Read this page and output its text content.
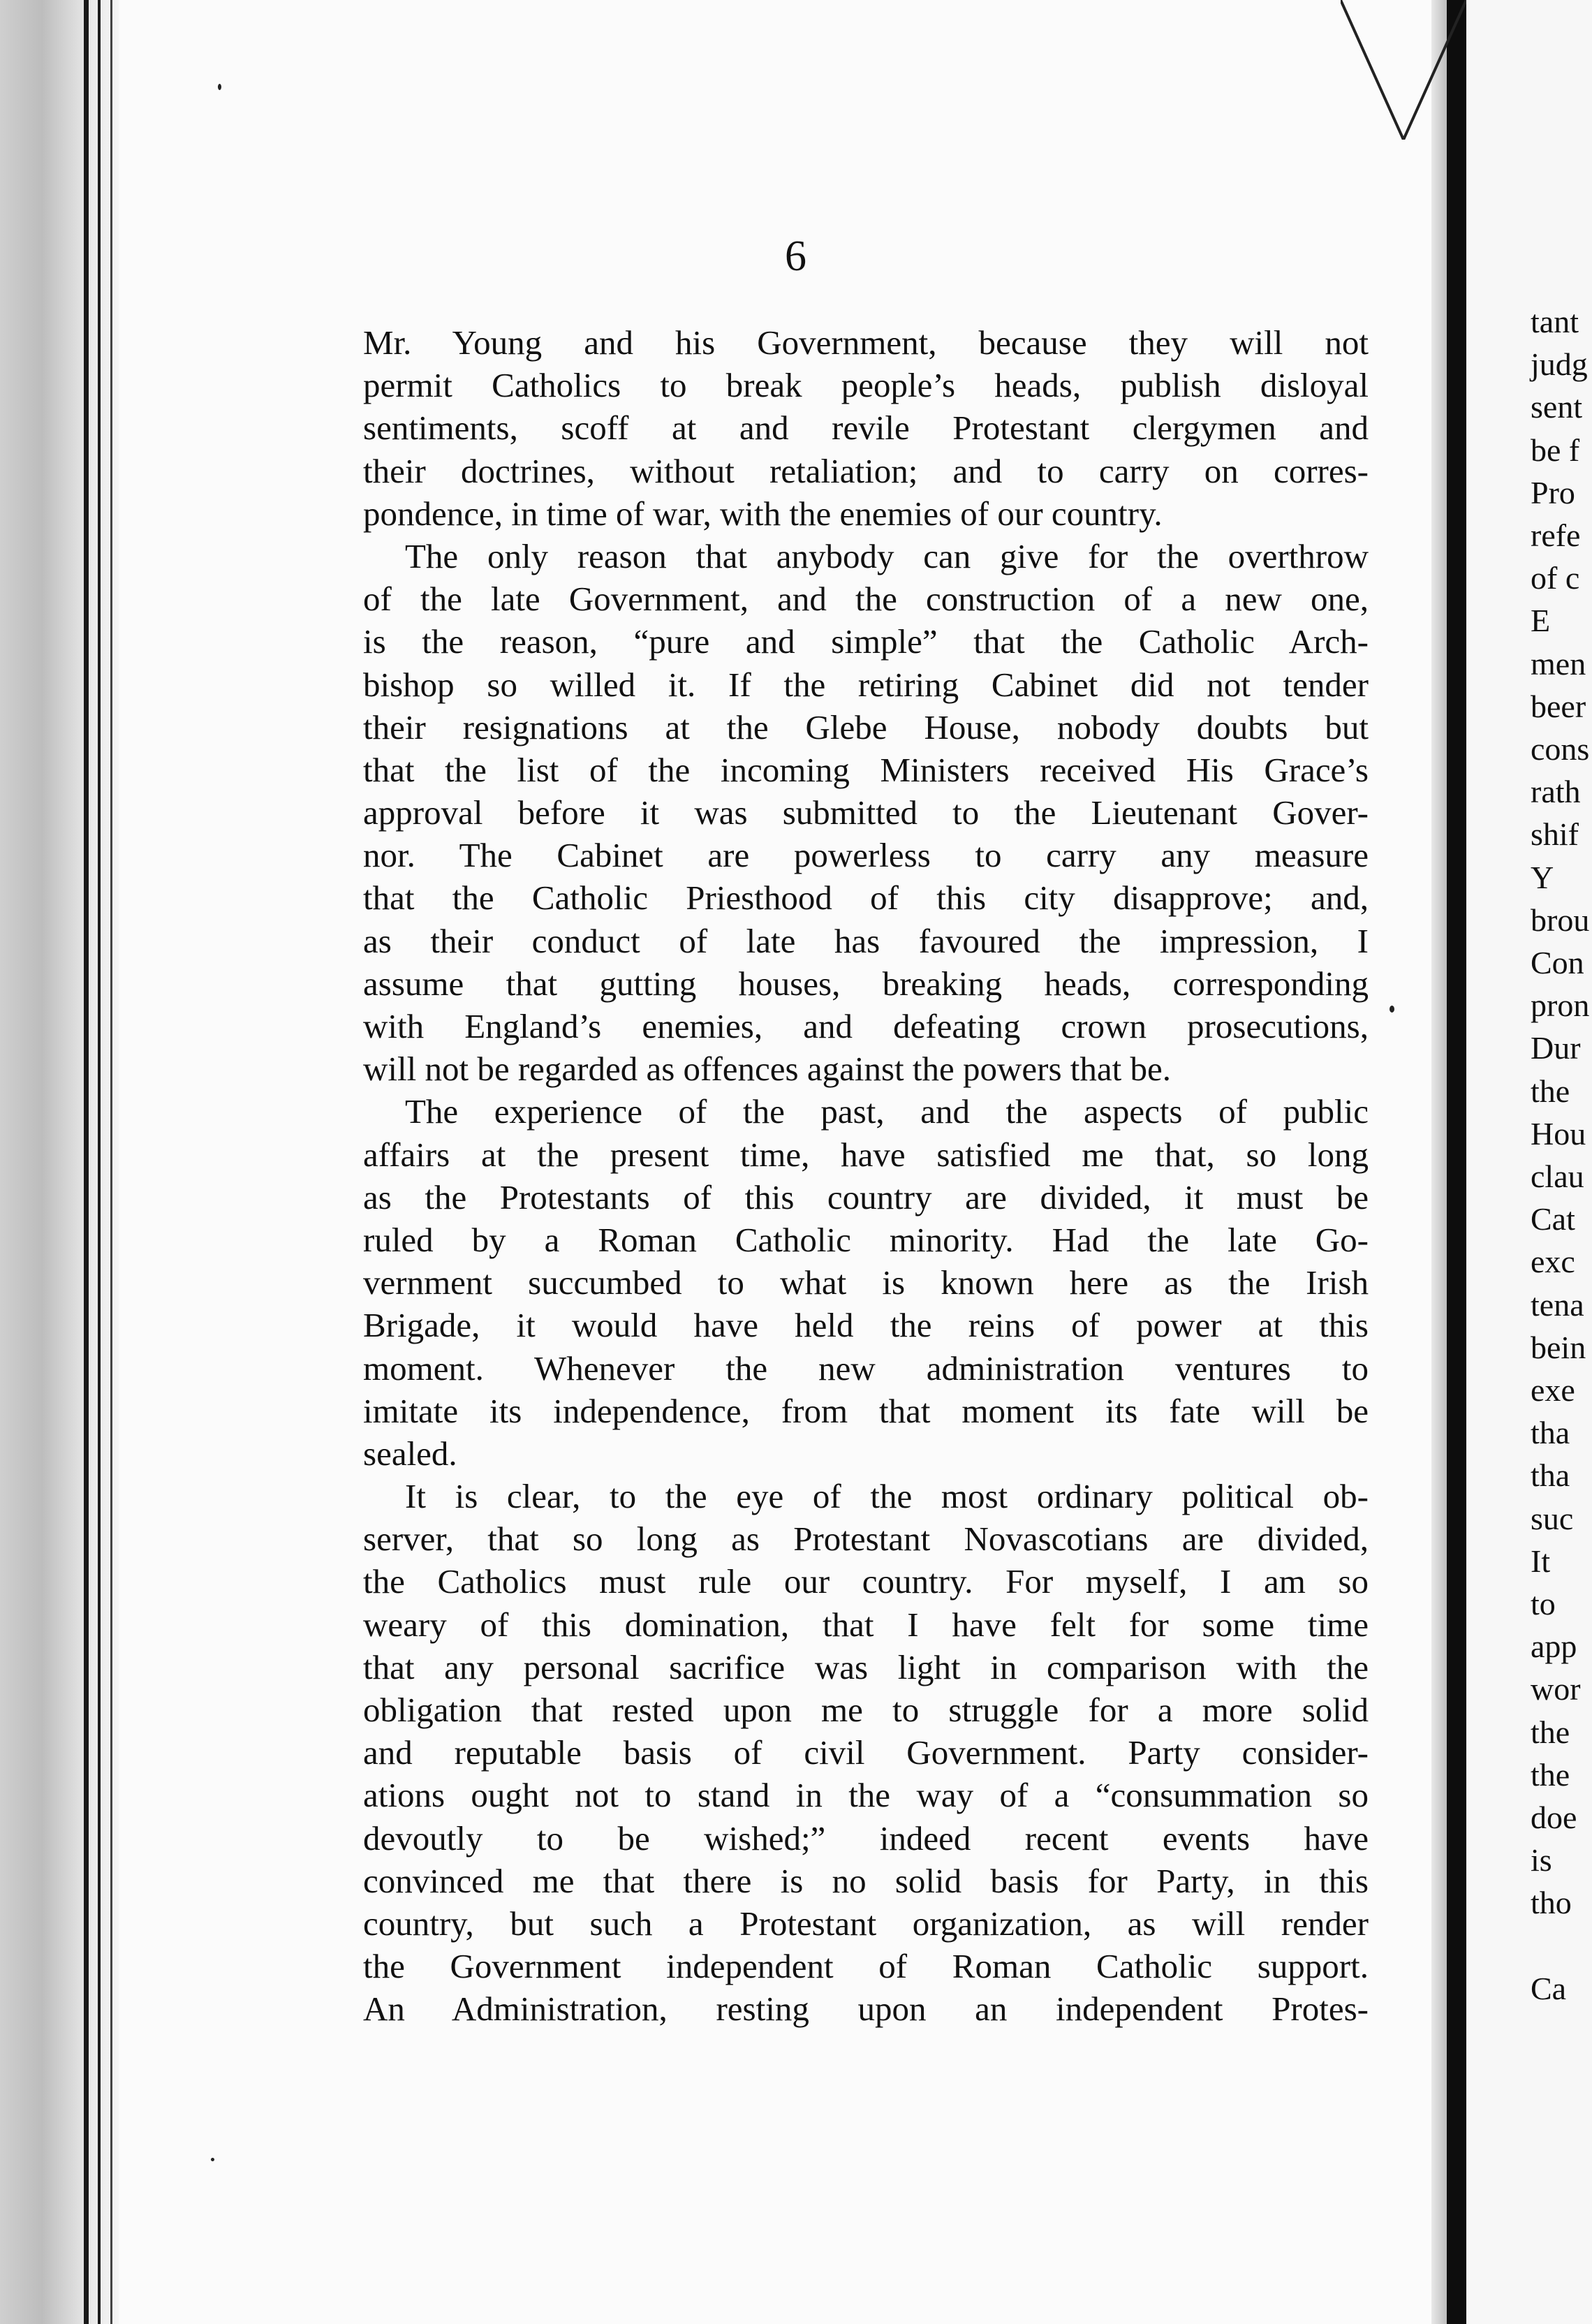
tant
judg
sent
be f
Pro
refe
of c
E
men
beer
cons
rath
shif
Y
brou
Con
pron
Dur
the
Hou
clau
Cat
exc
tena
bein
exe
tha
tha
suc
It
to
app
wor
the
the
doe
is
tho
Ca
6
Mr. Young and his Government, because they will not
permit Catholics to break people’s heads, publish disloyal
sentiments, scoff at and revile Protestant clergymen and
their doctrines, without retaliation; and to carry on corres-
pondence, in time of war, with the enemies of our country.
The only reason that anybody can give for the overthrow
of the late Government, and the construction of a new one,
is the reason, “pure and simple” that the Catholic Arch-
bishop so willed it. If the retiring Cabinet did not tender
their resignations at the Glebe House, nobody doubts but
that the list of the incoming Ministers received His Grace’s
approval before it was submitted to the Lieutenant Gover-
nor. The Cabinet are powerless to carry any measure
that the Catholic Priesthood of this city disapprove; and,
as their conduct of late has favoured the impression, I
assume that gutting houses, breaking heads, corresponding
with England’s enemies, and defeating crown prosecutions,
will not be regarded as offences against the powers that be.
The experience of the past, and the aspects of public
affairs at the present time, have satisfied me that, so long
as the Protestants of this country are divided, it must be
ruled by a Roman Catholic minority. Had the late Go-
vernment succumbed to what is known here as the Irish
Brigade, it would have held the reins of power at this
moment. Whenever the new administration ventures to
imitate its independence, from that moment its fate will be
sealed.
It is clear, to the eye of the most ordinary political ob-
server, that so long as Protestant Novascotians are divided,
the Catholics must rule our country. For myself, I am so
weary of this domination, that I have felt for some time
that any personal sacrifice was light in comparison with the
obligation that rested upon me to struggle for a more solid
and reputable basis of civil Government. Party consider-
ations ought not to stand in the way of a “consummation so
devoutly to be wished;” indeed recent events have
convinced me that there is no solid basis for Party, in this
country, but such a Protestant organization, as will render
the Government independent of Roman Catholic support.
An Administration, resting upon an independent Protes-
